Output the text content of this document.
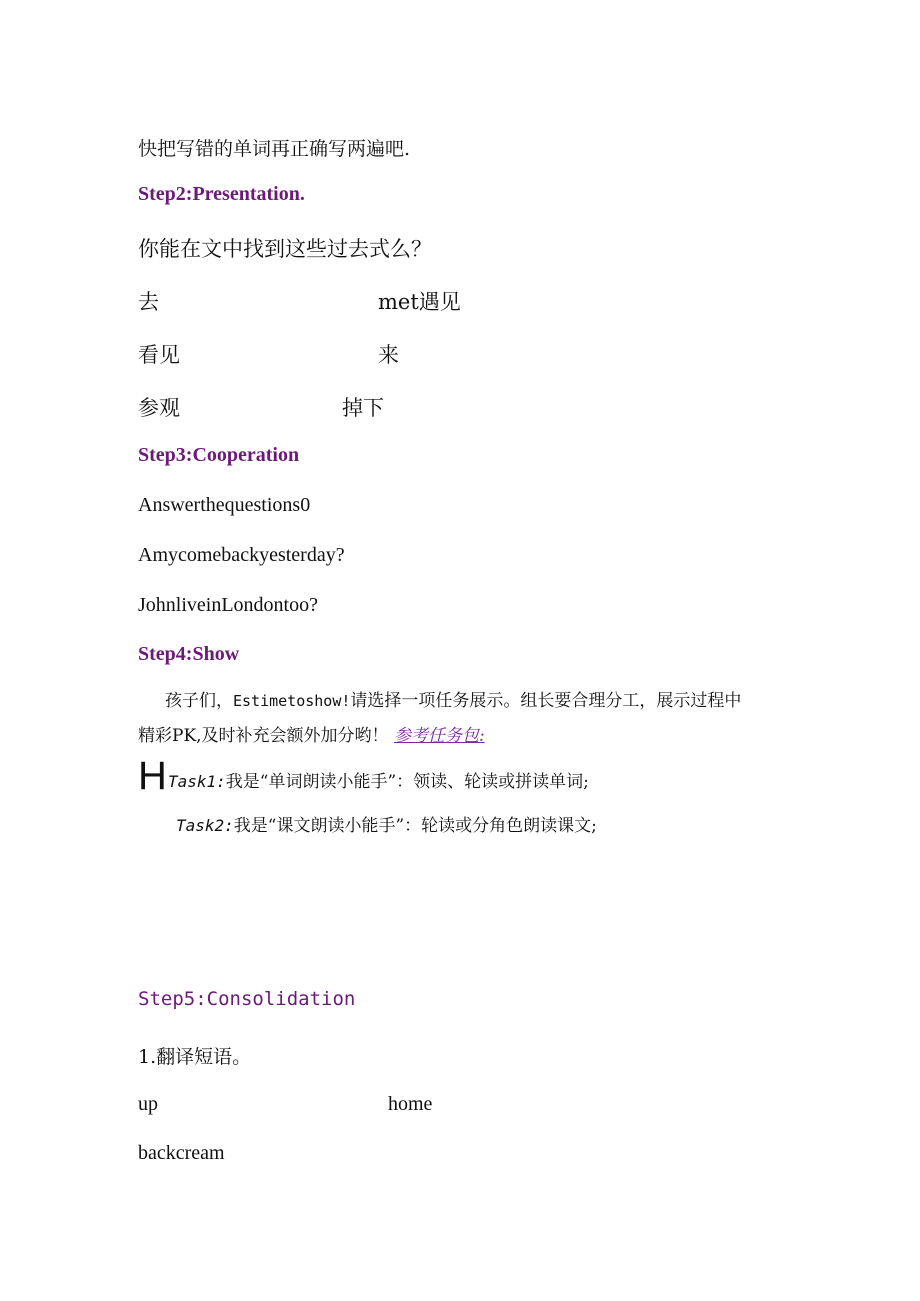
快把写错的单词再正确写两遍吧.
Step2:Presentation.
你能在文中找到这些过去式么？
去	met遇见
看见	来
参观	掉下
Step3:Cooperation
Answerthequestions0
Amycomebackyesterday?
JohnliveinLondontoo?
Step4:Show
孩子们，Estimetoshow!请选择一项任务展示。组长要合理分工，展示过程中
精彩PK,及时补充会额外加分哟！ 参考任务包:
H Task1:我是“单词朗读小能手”：领读、轮读或拼读单词;
Task2:我是“课文朗读小能手”：轮读或分角色朗读课文;
Step5:Consolidation
1.翻译短语。
up	home
backcream
